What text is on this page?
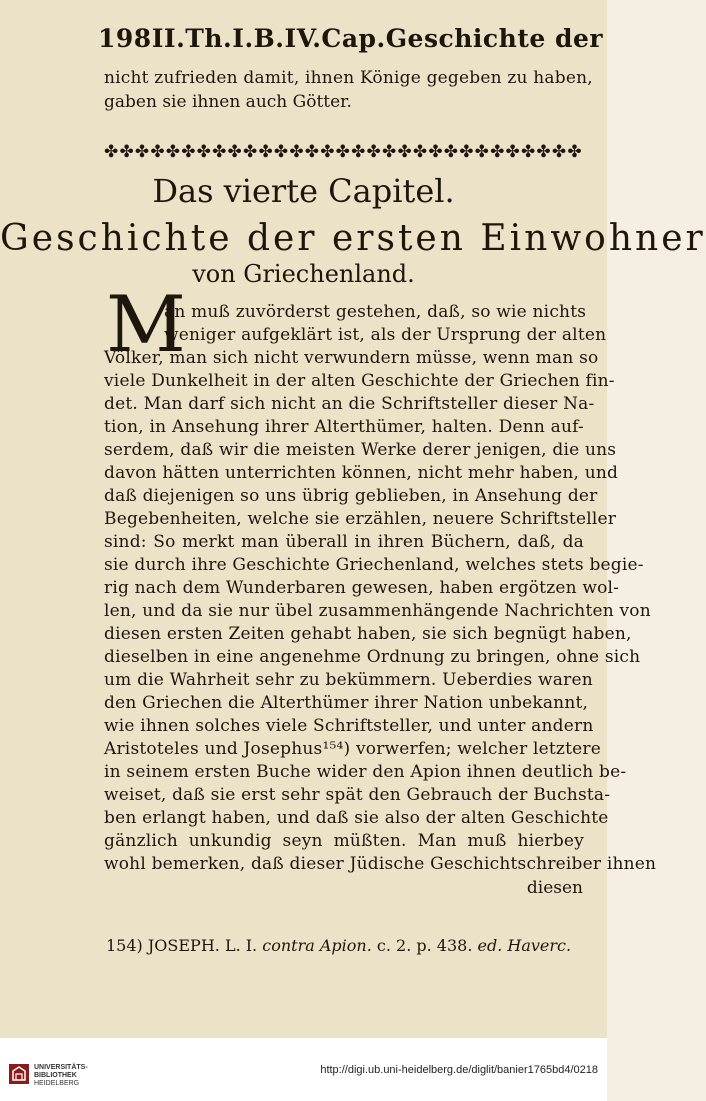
198 II.Th.I.B.IV.Cap. Geschichte der
nicht zufrieden damit, ihnen Könige gegeben zu haben,
gaben sie ihnen auch Götter.
✤✤✤✤✤✤✤✤✤✤✤✤✤✤✤✤✤✤✤✤✤✤✤✤✤✤✤✤✤✤✤
Das vierte Capitel.
Geschichte der ersten Einwohner
von Griechenland.
M
an muß zuvörderst gestehen, daß, so wie nichts
weniger aufgeklärt ist, als der Ursprung der alten
Völker, man sich nicht verwundern müsse, wenn man so
viele Dunkelheit in der alten Geschichte der Griechen fin-
det. Man darf sich nicht an die Schriftsteller dieser Na-
tion, in Ansehung ihrer Alterthümer, halten. Denn auf-
serdem, daß wir die meisten Werke derer jenigen, die uns
davon hätten unterrichten können, nicht mehr haben, und
daß diejenigen so uns übrig geblieben, in Ansehung der
Begebenheiten, welche sie erzählen, neuere Schriftsteller
sind: So merkt man überall in ihren Büchern, daß, da
sie durch ihre Geschichte Griechenland, welches stets begie-
rig nach dem Wunderbaren gewesen, haben ergötzen wol-
len, und da sie nur übel zusammenhängende Nachrichten von
diesen ersten Zeiten gehabt haben, sie sich begnügt haben,
dieselben in eine angenehme Ordnung zu bringen, ohne sich
um die Wahrheit sehr zu bekümmern. Ueberdies waren
den Griechen die Alterthümer ihrer Nation unbekannt,
wie ihnen solches viele Schriftsteller, und unter andern
Aristoteles und Josephus¹⁵⁴) vorwerfen; welcher letztere
in seinem ersten Buche wider den Apion ihnen deutlich be-
weiset, daß sie erst sehr spät den Gebrauch der Buchsta-
ben erlangt haben, und daß sie also der alten Geschichte
gänzlich unkundig seyn müßten. Man muß hierbey
wohl bemerken, daß dieser Jüdische Geschichtschreiber ihnen
diesen
154) JOSEPH. L. I. contra Apion. c. 2. p. 438. ed. Haverc.
UNIVERSITÄTS-
BIBLIOTHEK
HEIDELBERG
http://digi.ub.uni-heidelberg.de/diglit/banier1765bd4/0218
